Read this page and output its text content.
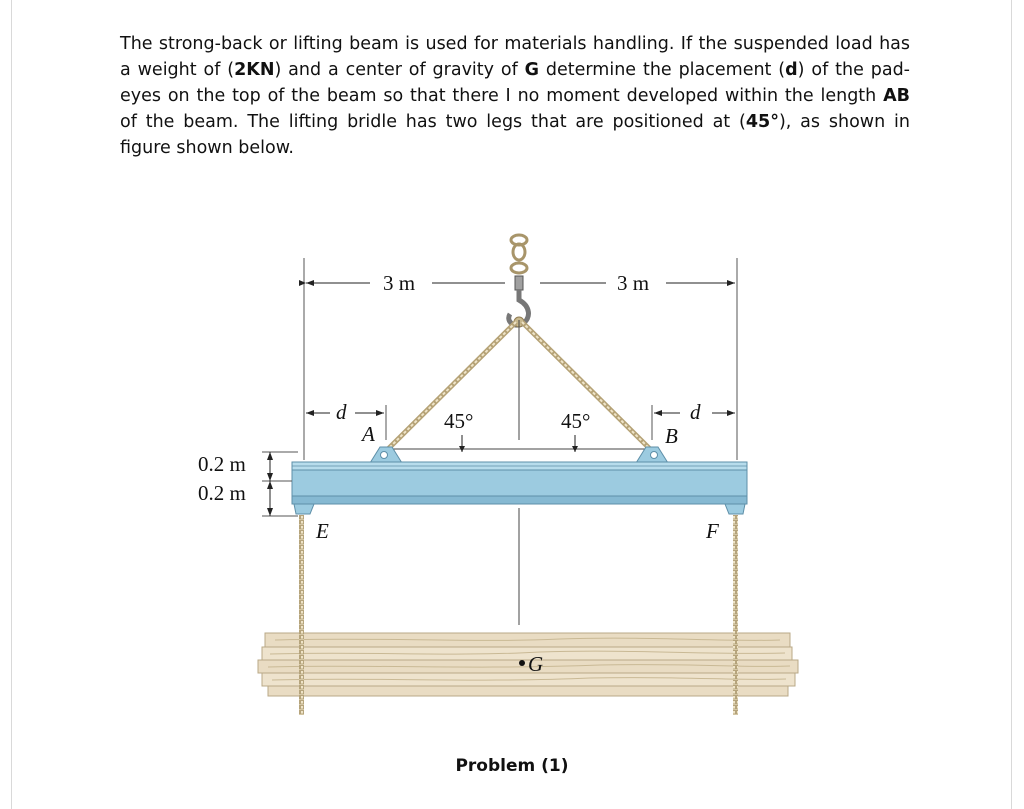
The strong-back or lifting beam is used for materials handling. If the suspended load has a weight of (2KN) and a center of gravity of G determine the placement (d) of the pad-eyes on the top of the beam so that there I no moment developed within the length AB of the beam. The lifting bridle has two legs that are positioned at (45°), as shown in figure shown below.

3 m	3 m
45°	45°
d	d
A	B
0.2 m
0.2 m
E	F
G
Problem (1)
